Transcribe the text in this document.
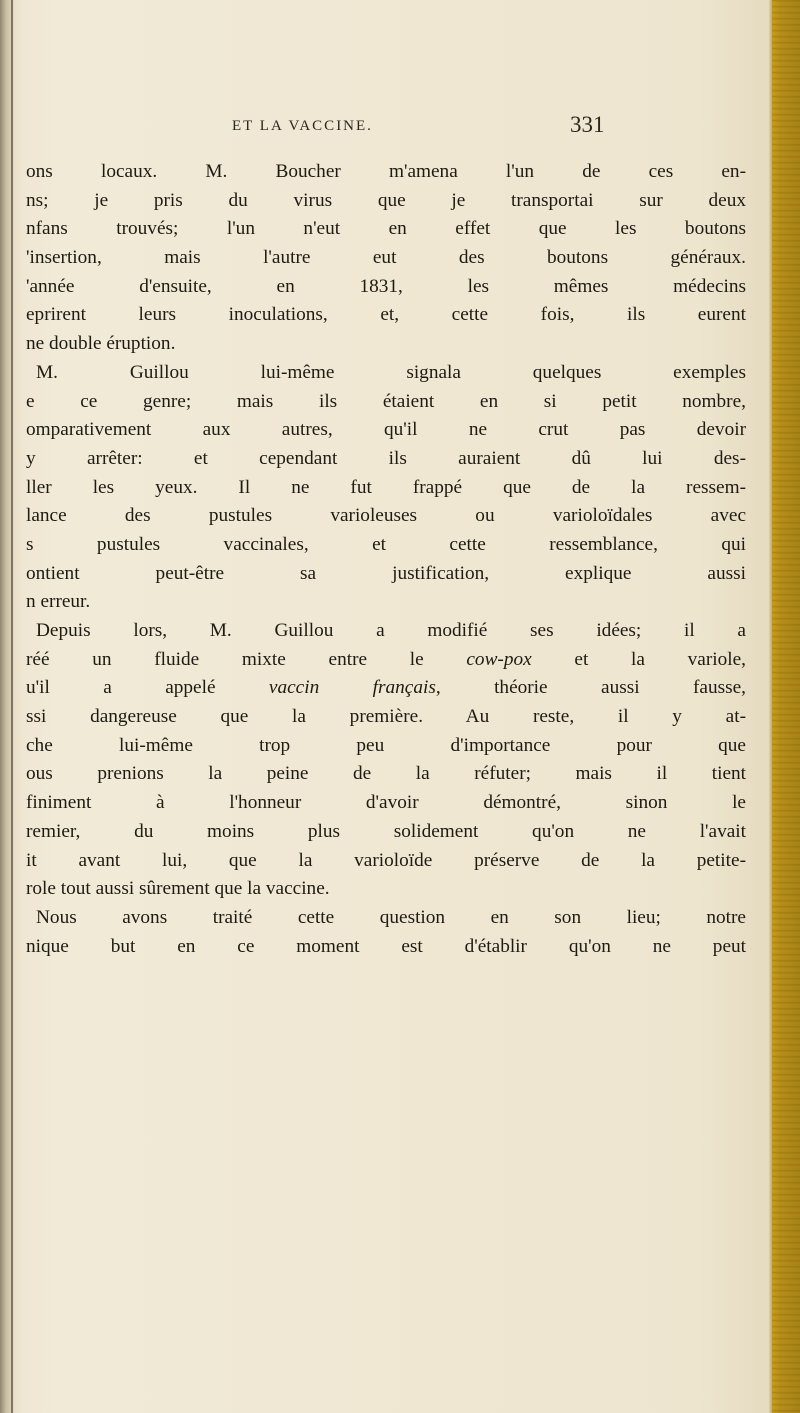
ET LA VACCINE.	331
ons locaux. M. Boucher m'amena l'un de ces en-
ns; je pris du virus que je transportai sur deux
nfans trouvés; l'un n'eut en effet que les boutons
'insertion, mais l'autre eut des boutons généraux.
'année d'ensuite, en 1831, les mêmes médecins
eprirent leurs inoculations, et, cette fois, ils eurent
ne double éruption.
M. Guillou lui-même signala quelques exemples
e ce genre; mais ils étaient en si petit nombre,
omparativement aux autres, qu'il ne crut pas devoir
y arrêter: et cependant ils auraient dû lui des-
ller les yeux. Il ne fut frappé que de la ressem-
lance des pustules varioleuses ou varioloïdales avec
s pustules vaccinales, et cette ressemblance, qui
ontient peut-être sa justification, explique aussi
n erreur.
Depuis lors, M. Guillou a modifié ses idées; il a
réé un fluide mixte entre le cow-pox et la variole,
u'il a appelé vaccin français, théorie aussi fausse,
ssi dangereuse que la première. Au reste, il y at-
che lui-même trop peu d'importance pour que
ous prenions la peine de la réfuter; mais il tient
finiment à l'honneur d'avoir démontré, sinon le
remier, du moins plus solidement qu'on ne l'avait
it avant lui, que la varioloïde préserve de la petite-
role tout aussi sûrement que la vaccine.
Nous avons traité cette question en son lieu; notre
nique but en ce moment est d'établir qu'on ne peut
